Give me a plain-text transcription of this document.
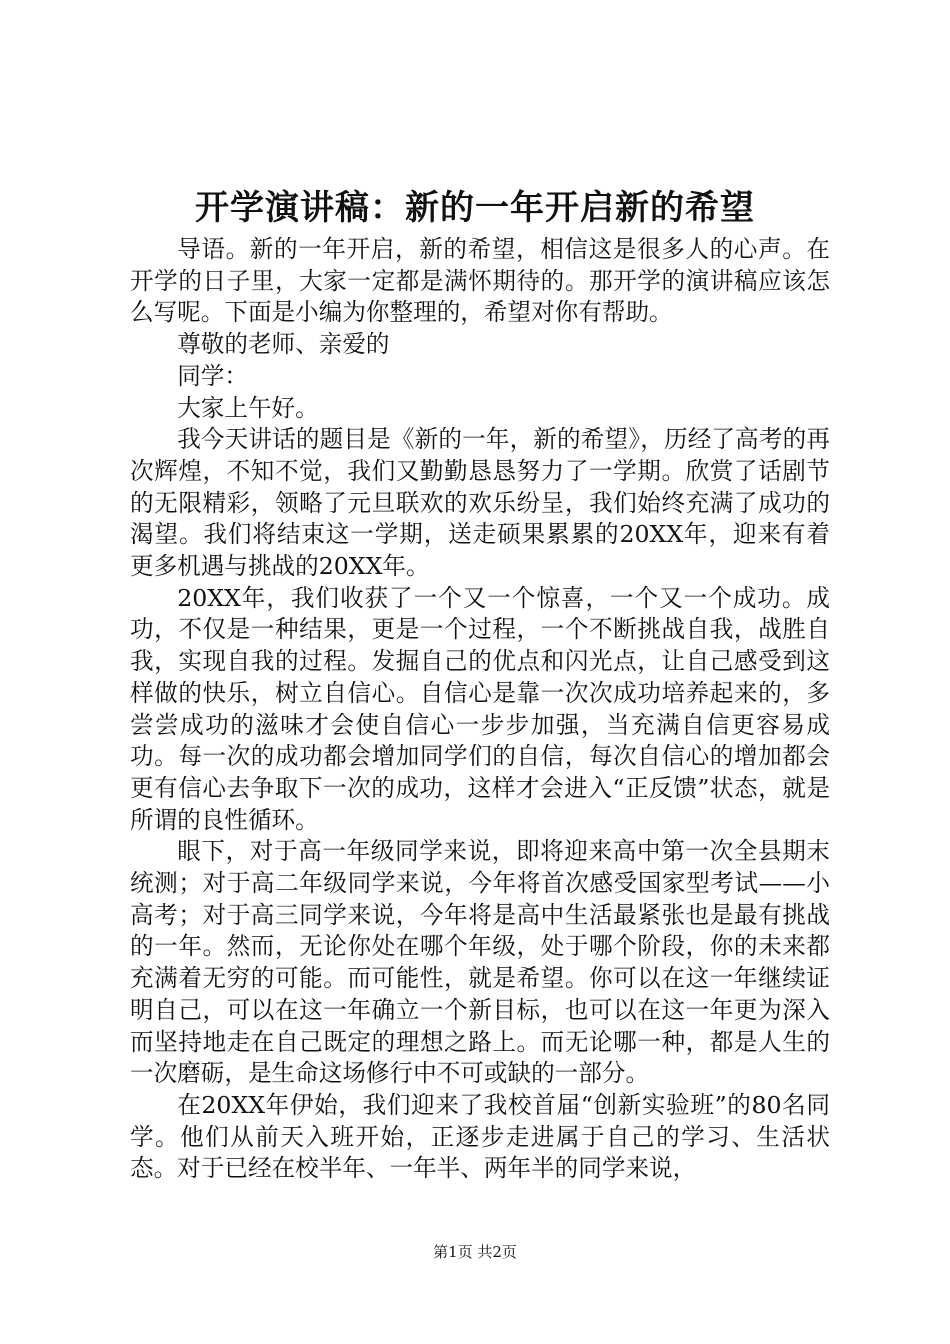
开学演讲稿：新的一年开启新的希望

导语。新的一年开启，新的希望，相信这是很多人的心声。在开学的日子里，大家一定都是满怀期待的。那开学的演讲稿应该怎么写呢。下面是小编为你整理的，希望对你有帮助。

尊敬的老师、亲爱的

同学：

大家上午好。

我今天讲话的题目是《新的一年，新的希望》，历经了高考的再次辉煌，不知不觉，我们又勤勤恳恳努力了一学期。欣赏了话剧节的无限精彩，领略了元旦联欢的欢乐纷呈，我们始终充满了成功的渴望。我们将结束这一学期，送走硕果累累的20XX年，迎来有着更多机遇与挑战的20XX年。

20XX年，我们收获了一个又一个惊喜，一个又一个成功。成功，不仅是一种结果，更是一个过程，一个不断挑战自我，战胜自我，实现自我的过程。发掘自己的优点和闪光点，让自己感受到这样做的快乐，树立自信心。自信心是靠一次次成功培养起来的，多尝尝成功的滋味才会使自信心一步步加强，当充满自信更容易成功。每一次的成功都会增加同学们的自信，每次自信心的增加都会更有信心去争取下一次的成功，这样才会进入“正反馈”状态，就是所谓的良性循环。

眼下，对于高一年级同学来说，即将迎来高中第一次全县期末统测；对于高二年级同学来说，今年将首次感受国家型考试——小高考；对于高三同学来说，今年将是高中生活最紧张也是最有挑战的一年。然而，无论你处在哪个年级，处于哪个阶段，你的未来都充满着无穷的可能。而可能性，就是希望。你可以在这一年继续证明自己，可以在这一年确立一个新目标，也可以在这一年更为深入而坚持地走在自己既定的理想之路上。而无论哪一种，都是人生的一次磨砺，是生命这场修行中不可或缺的一部分。

在20XX年伊始，我们迎来了我校首届“创新实验班”的80名同学。他们从前天入班开始，正逐步走进属于自己的学习、生活状态。对于已经在校半年、一年半、两年半的同学来说，

第1页 共2页
